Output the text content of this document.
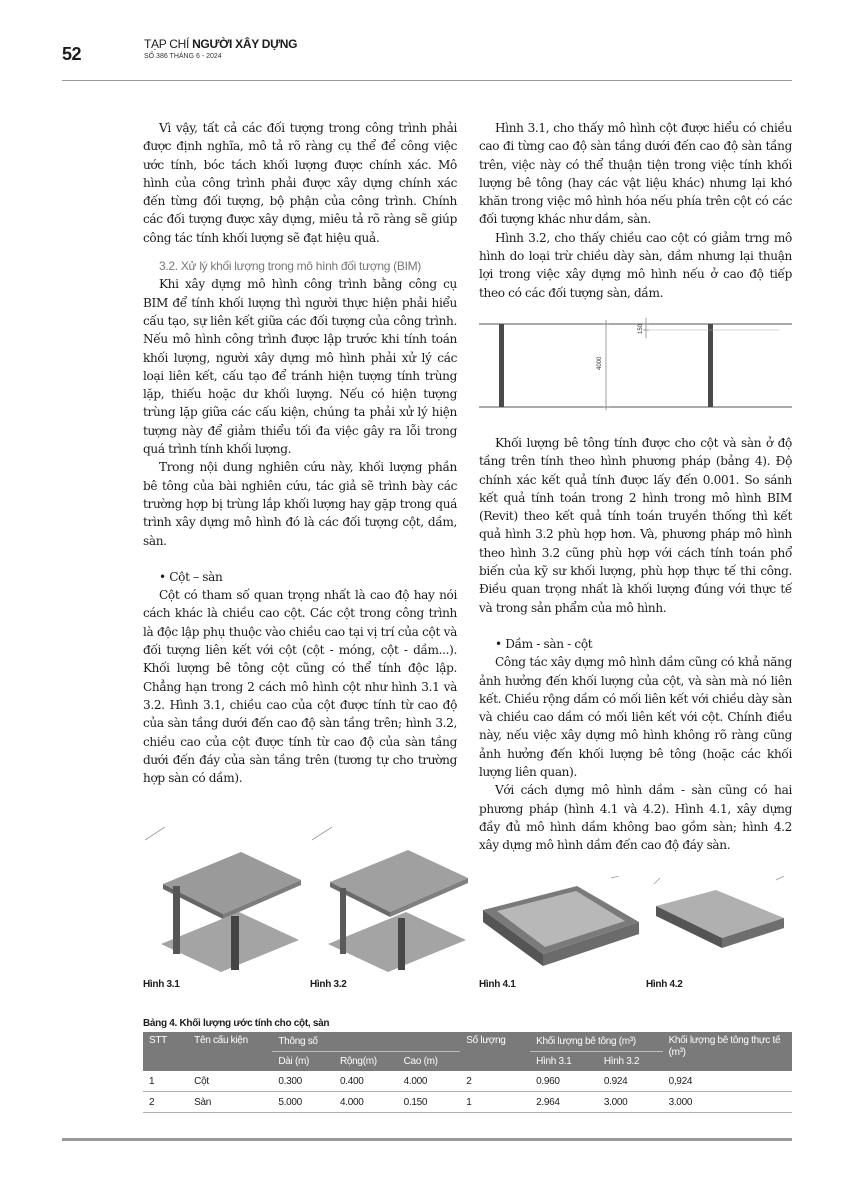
52	TẠP CHÍ NGƯỜI XÂY DỰNG
SỐ 386 THÁNG 6 - 2024

Vì vậy, tất cả các đối tượng trong công trình phải được định nghĩa, mô tả rõ ràng cụ thể để công việc ước tính, bóc tách khối lượng được chính xác. Mô hình của công trình phải được xây dựng chính xác đến từng đối tượng, bộ phận của công trình. Chính các đối tượng được xây dựng, miêu tả rõ ràng sẽ giúp công tác tính khối lượng sẽ đạt hiệu quả.

3.2. Xử lý khối lượng trong mô hình đối tượng (BIM)

Khi xây dựng mô hình công trình bằng công cụ BIM để tính khối lượng thì người thực hiện phải hiểu cấu tạo, sự liên kết giữa các đối tượng của công trình. Nếu mô hình công trình được lập trước khi tính toán khối lượng, người xây dựng mô hình phải xử lý các loại liên kết, cấu tạo để tránh hiện tượng tính trùng lặp, thiếu hoặc dư khối lượng. Nếu có hiện tượng trùng lặp giữa các cấu kiện, chúng ta phải xử lý hiện tượng này để giảm thiểu tối đa việc gây ra lỗi trong quá trình tính khối lượng.

Trong nội dung nghiên cứu này, khối lượng phần bê tông của bài nghiên cứu, tác giả sẽ trình bày các trường hợp bị trùng lắp khối lượng hay gặp trong quá trình xây dựng mô hình đó là các đối tượng cột, dầm, sàn.

• Cột – sàn

Cột có tham số quan trọng nhất là cao độ hay nói cách khác là chiều cao cột. Các cột trong công trình là độc lập phụ thuộc vào chiều cao tại vị trí của cột và đối tượng liên kết với cột (cột - móng, cột - dầm...). Khối lượng bê tông cột cũng có thể tính độc lập. Chẳng hạn trong 2 cách mô hình cột như hình 3.1 và 3.2. Hình 3.1, chiều cao của cột được tính từ cao độ của sàn tầng dưới đến cao độ sàn tầng trên; hình 3.2, chiều cao của cột được tính từ cao độ của sàn tầng dưới đến đáy của sàn tầng trên (tương tự cho trường hợp sàn có dầm).

Hình 3.1, cho thấy mô hình cột được hiểu có chiều cao đi từng cao độ sàn tầng dưới đến cao độ sàn tầng trên, việc này có thể thuận tiện trong việc tính khối lượng bê tông (hay các vật liệu khác) nhưng lại khó khăn trong việc mô hình hóa nếu phía trên cột có các đối tượng khác như dầm, sàn.

Hình 3.2, cho thấy chiều cao cột có giảm trng mô hình do loại trừ chiều dày sàn, dầm nhưng lại thuận lợi trong việc xây dựng mô hình nếu ở cao độ tiếp theo có các đối tượng sàn, dầm.

4000
150

Khối lượng bê tông tính được cho cột và sàn ở độ tầng trên tính theo hình phương pháp (bảng 4). Độ chính xác kết quả tính được lấy đến 0.001. So sánh kết quả tính toán trong 2 hình trong mô hình BIM (Revit) theo kết quả tính toán truyền thống thì kết quả hình 3.2 phù hợp hơn. Và, phương pháp mô hình theo hình 3.2 cũng phù hợp với cách tính toán phổ biến của kỹ sư khối lượng, phù hợp thực tế thi công. Điều quan trọng nhất là khối lượng đúng với thực tế và trong sản phẩm của mô hình.

• Dầm - sàn - cột

Công tác xây dựng mô hình dầm cũng có khả năng ảnh hưởng đến khối lượng của cột, và sàn mà nó liên kết. Chiều rộng dầm có mối liên kết với chiều dày sàn và chiều cao dầm có mối liên kết với cột. Chính điều này, nếu việc xây dựng mô hình không rõ ràng cũng ảnh hưởng đến khối lượng bê tông (hoặc các khối lượng liên quan).

Với cách dựng mô hình dầm - sàn cũng có hai phương pháp (hình 4.1 và 4.2). Hình 4.1, xây dựng đầy đủ mô hình dầm không bao gồm sàn; hình 4.2 xây dựng mô hình dầm đến cao độ đáy sàn.

Hình 3.1	Hình 3.2	Hình 4.1	Hình 4.2
Bảng 4. Khối lượng ước tính cho cột, sàn
STT	Tên cấu kiện	Thông số			Số lượng	Khối lượng bê tông (m³)		Khối lượng bê tông thực tế (m³)
		Dài (m)	Rộng(m)	Cao (m)		Hình 3.1	Hình 3.2	
1	Cột	0.300	0.400	4.000	2	0.960	0.924	0,924
2	Sàn	5.000	4.000	0.150	1	2.964	3.000	3.000
